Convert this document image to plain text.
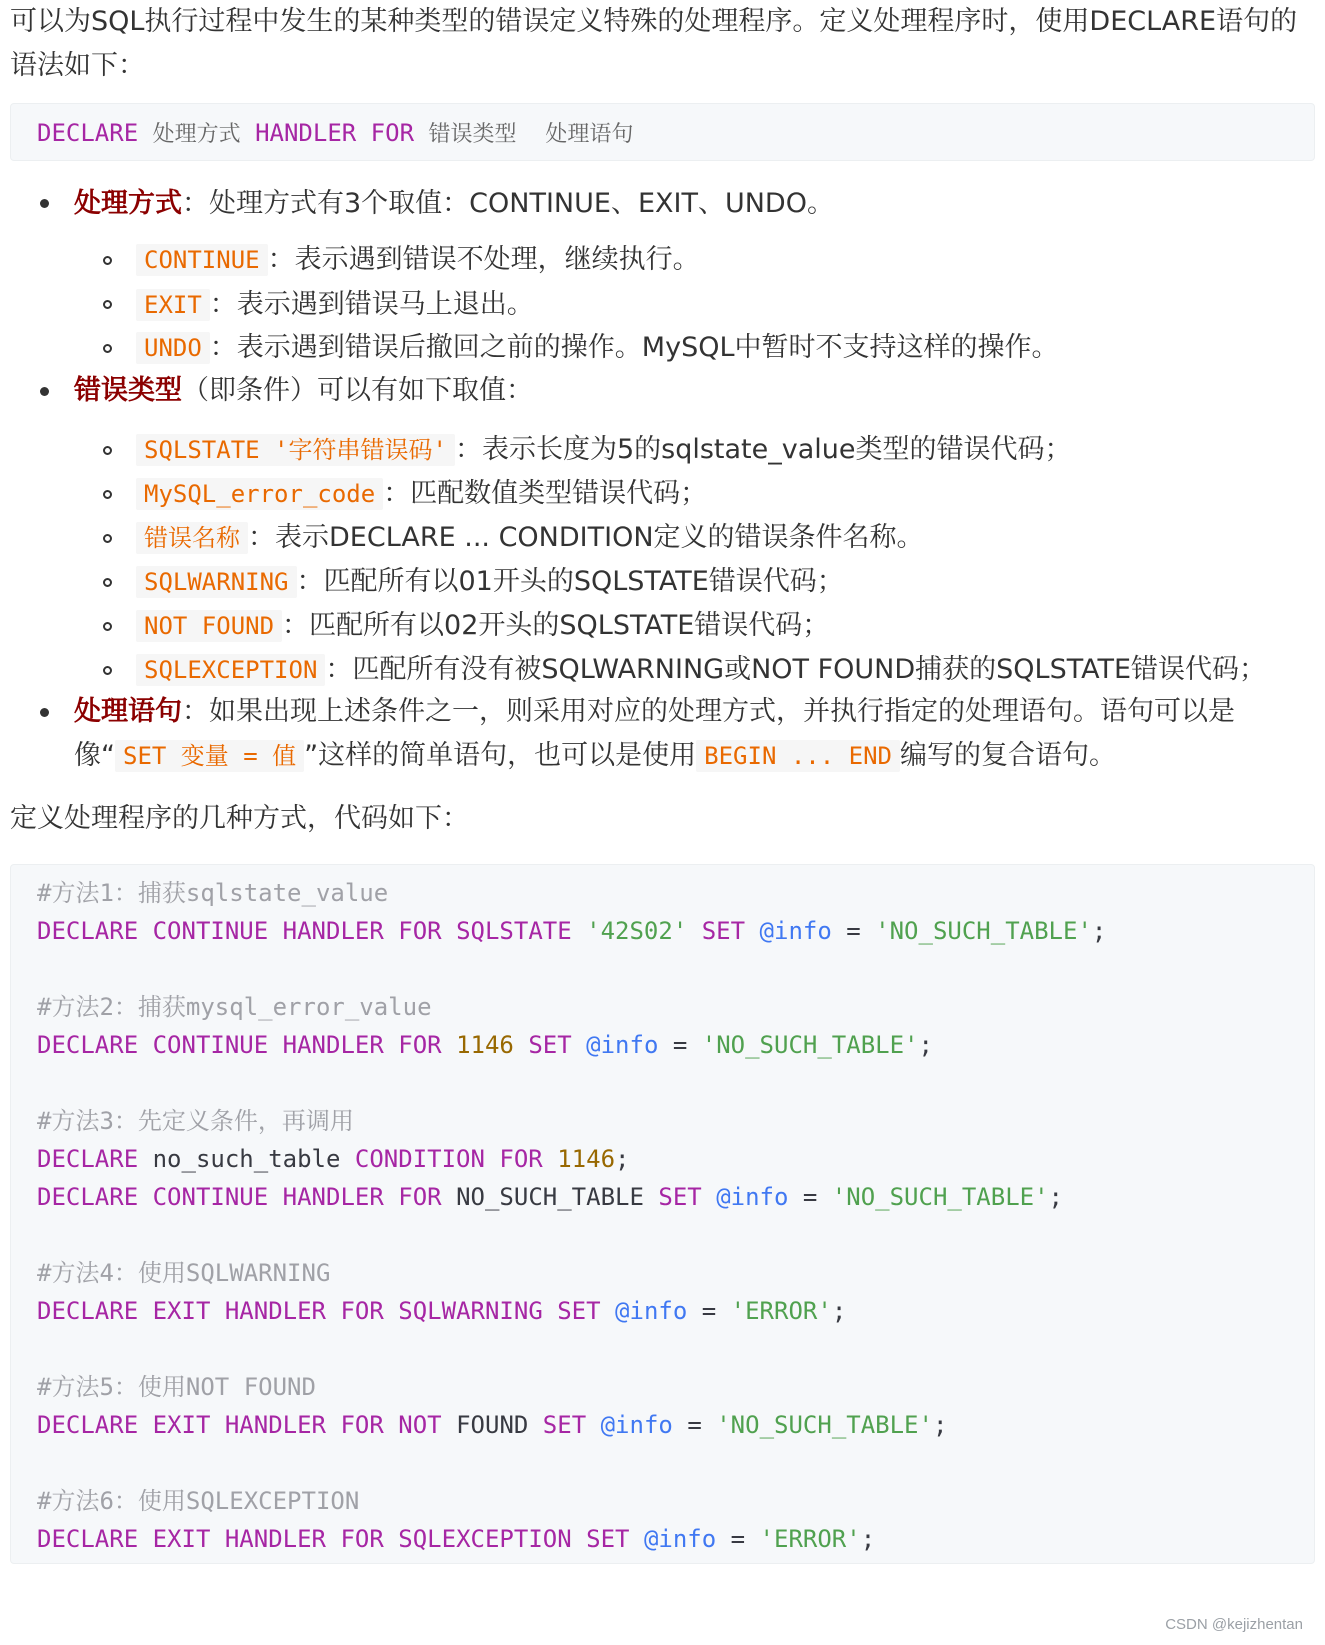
可以为SQL执行过程中发生的某种类型的错误定义特殊的处理程序。定义处理程序时，使用DECLARE语句的语法如下：
DECLARE 处理方式 HANDLER FOR 错误类型 处理语句
处理方式：处理方式有3个取值：CONTINUE、EXIT、UNDO。
CONTINUE ：表示遇到错误不处理，继续执行。
EXIT ：表示遇到错误马上退出。
UNDO ：表示遇到错误后撤回之前的操作。MySQL中暂时不支持这样的操作。
错误类型（即条件）可以有如下取值：
SQLSTATE '字符串错误码' ：表示长度为5的sqlstate_value类型的错误代码；
MySQL_error_code ：匹配数值类型错误代码；
错误名称 ：表示DECLARE ... CONDITION定义的错误条件名称。
SQLWARNING ：匹配所有以01开头的SQLSTATE错误代码；
NOT FOUND ：匹配所有以02开头的SQLSTATE错误代码；
SQLEXCEPTION ：匹配所有没有被SQLWARNING或NOT FOUND捕获的SQLSTATE错误代码；
处理语句：如果出现上述条件之一，则采用对应的处理方式，并执行指定的处理语句。语句可以是
像“ SET 变量 = 值 ”这样的简单语句，也可以是使用 BEGIN ... END 编写的复合语句。
定义处理程序的几种方式，代码如下：
#方法1：捕获sqlstate_value
DECLARE CONTINUE HANDLER FOR SQLSTATE '42S02' SET @info = 'NO_SUCH_TABLE';
#方法2：捕获mysql_error_value
DECLARE CONTINUE HANDLER FOR 1146 SET @info = 'NO_SUCH_TABLE';
#方法3：先定义条件，再调用
DECLARE no_such_table CONDITION FOR 1146;
DECLARE CONTINUE HANDLER FOR NO_SUCH_TABLE SET @info = 'NO_SUCH_TABLE';
#方法4：使用SQLWARNING
DECLARE EXIT HANDLER FOR SQLWARNING SET @info = 'ERROR';
#方法5：使用NOT FOUND
DECLARE EXIT HANDLER FOR NOT FOUND SET @info = 'NO_SUCH_TABLE';
#方法6：使用SQLEXCEPTION
DECLARE EXIT HANDLER FOR SQLEXCEPTION SET @info = 'ERROR';
CSDN @kejizhentan
